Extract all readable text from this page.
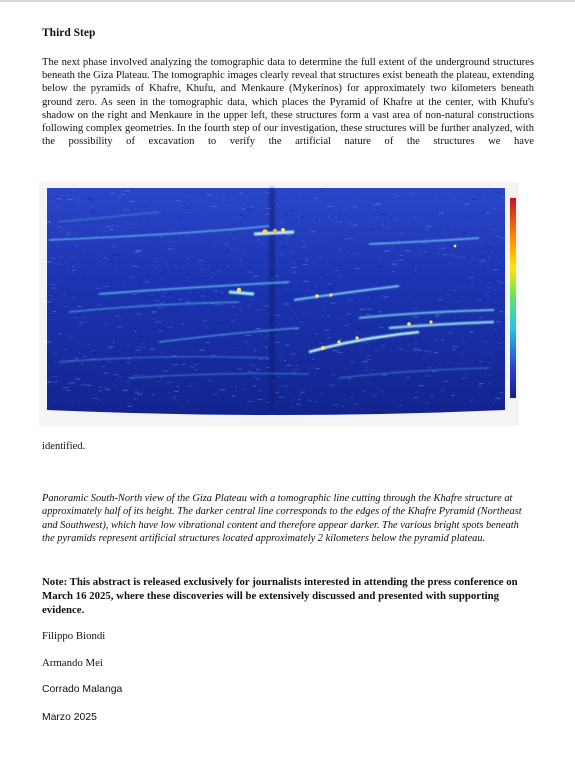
Third Step

The next phase involved analyzing the tomographic data to determine the full extent of the underground structures beneath the Giza Plateau. The tomographic images clearly reveal that structures exist beneath the plateau, extending below the pyramids of Khafre, Khufu, and Menkaure (Mykerinos) for approximately two kilometers beneath ground zero. As seen in the tomographic data, which places the Pyramid of Khafre at the center, with Khufu's shadow on the right and Menkaure in the upper left, these structures form a vast area of non-natural constructions following complex geometries. In the fourth step of our investigation, these structures will be further analyzed, with the possibility of excavation to verify the artificial nature of the structures we have

identified.

Panoramic South-North view of the Giza Plateau with a tomographic line cutting through the Khafre structure at approximately half of its height. The darker central line corresponds to the edges of the Khafre Pyramid (Northeast and Southwest), which have low vibrational content and therefore appear darker. The various bright spots beneath the pyramids represent artificial structures located approximately 2 kilometers below the pyramid plateau.

Note: This abstract is released exclusively for journalists interested in attending the press conference on March 16 2025, where these discoveries will be extensively discussed and presented with supporting evidence.

Filippo Biondi

Armando Mei

Corrado Malanga

Marzo 2025
